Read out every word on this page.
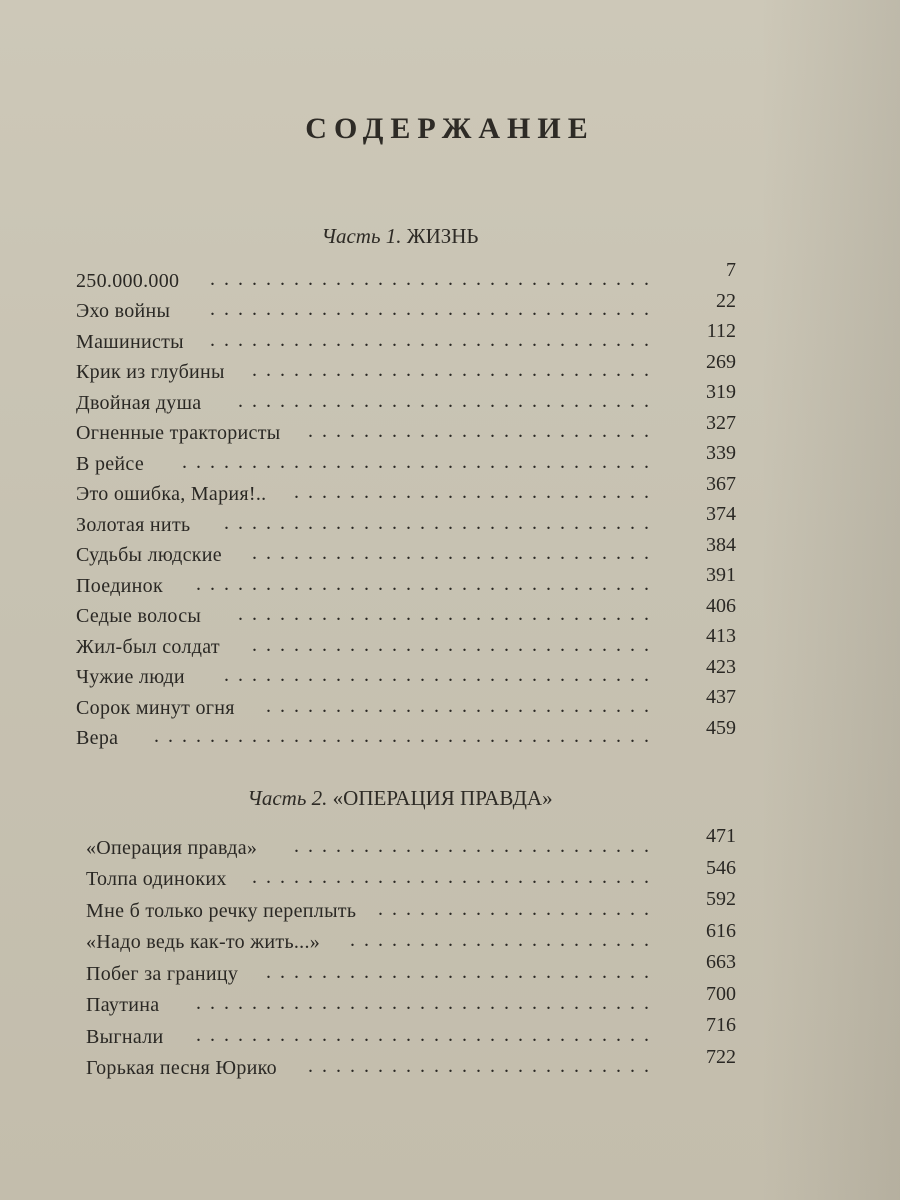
СОДЕРЖАНИЕ
Часть 1. ЖИЗНЬ
250.000.000	................................	7
Эхо войны	................................	22
Машинисты	................................	112
Крик из глубины	.............................	269
Двойная душа	..............................	319
Огненные трактористы	.........................	327
В рейсе	..................................	339
Это ошибка, Мария!..	..........................	367
Золотая нить	...............................	374
Судьбы людские	.............................	384
Поединок	.................................	391
Седые волосы	..............................	406
Жил-был солдат	.............................	413
Чужие люди	...............................	423
Сорок минут огня	............................	437
Вера	....................................	459
Часть 2. «ОПЕРАЦИЯ ПРАВДА»
«Операция правда»	..........................	471
Толпа одиноких	.............................	546
Мне б только речку переплыть	....................	592
«Надо ведь как-то жить...»	......................	616
Побег за границу	............................	663
Паутина	.................................	700
Выгнали	.................................	716
Горькая песня Юрико	.........................	722
